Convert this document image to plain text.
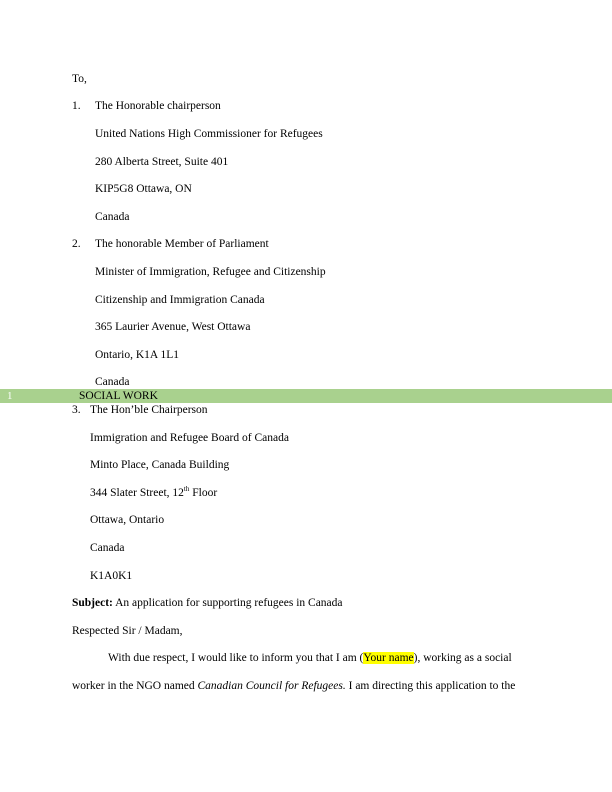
To,
1. The Honorable chairperson
United Nations High Commissioner for Refugees
280 Alberta Street, Suite 401
KIP5G8 Ottawa, ON
Canada
2. The honorable Member of Parliament
Minister of Immigration, Refugee and Citizenship
Citizenship and Immigration Canada
365 Laurier Avenue, West Ottawa
Ontario, K1A 1L1
Canada
1	SOCIAL WORK
3. The Hon’ble Chairperson
Immigration and Refugee Board of Canada
Minto Place, Canada Building
344 Slater Street, 12th Floor
Ottawa, Ontario
Canada
K1A0K1
Subject: An application for supporting refugees in Canada
Respected Sir / Madam,
With due respect, I would like to inform you that I am (Your name), working as a social
worker in the NGO named Canadian Council for Refugees. I am directing this application to the
